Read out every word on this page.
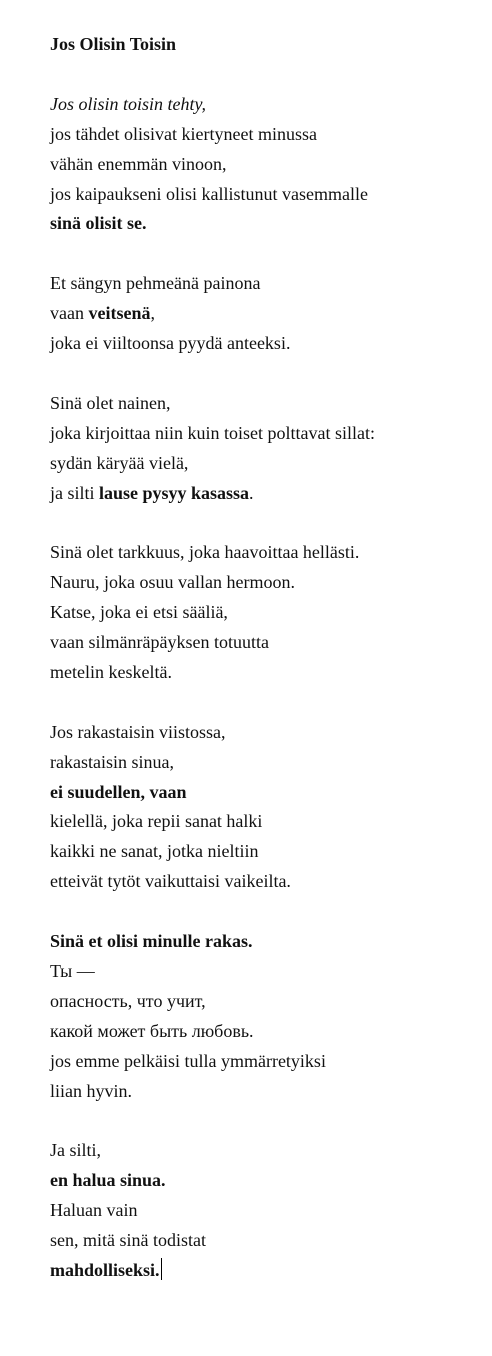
Jos Olisin Toisin
Jos olisin toisin tehty,
jos tähdet olisivat kiertyneet minussa
vähän enemmän vinoon,
jos kaipaukseni olisi kallistunut vasemmalle
sinä olisit se.
Et sängyn pehmeänä painona
vaan veitsenä,
joka ei viiltoonsa pyydä anteeksi.
Sinä olet nainen,
joka kirjoittaa niin kuin toiset polttavat sillat:
sydän käryää vielä,
ja silti lause pysyy kasassa.
Sinä olet tarkkuus, joka haavoittaa hellästi.
Nauru, joka osuu vallan hermoon.
Katse, joka ei etsi sääliä,
vaan silmänräpäyksen totuutta
metelin keskeltä.
Jos rakastaisin viistossa,
rakastaisin sinua,
ei suudellen, vaan
kielellä, joka repii sanat halki
kaikki ne sanat, jotka nieltiin
etteivät tytöt vaikuttaisi vaikeilta.
Sinä et olisi minulle rakas.
Ты —
опасность, что учит,
какой может быть любовь.
jos emme pelkäisi tulla ymmärretyiksi
liian hyvin.
Ja silti,
en halua sinua.
Haluan vain
sen, mitä sinä todistat
mahdolliseksi.
